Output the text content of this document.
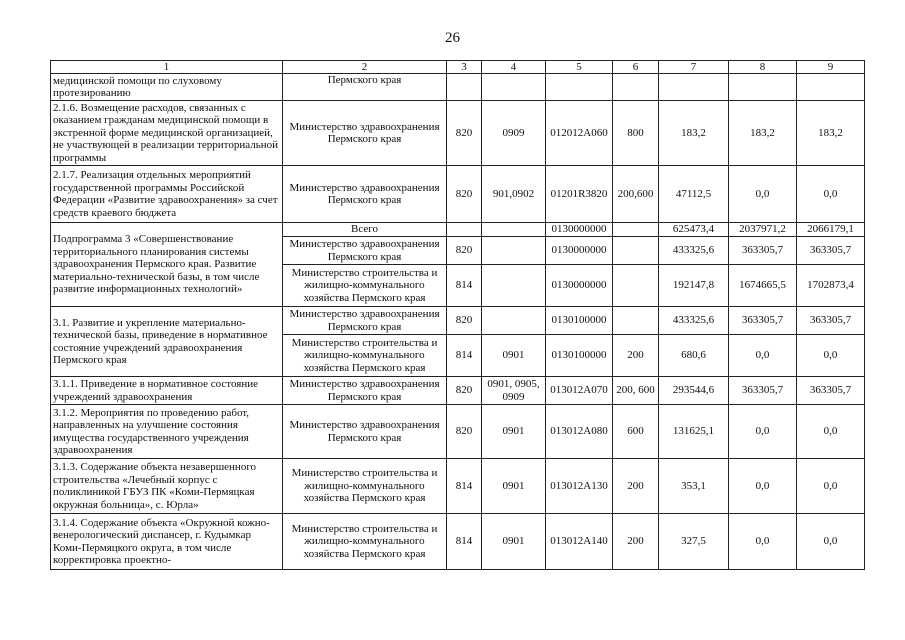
26
1	2	3	4	5	6	7	8	9
медицинской помощи по слуховому протезированию	Пермского края							
2.1.6. Возмещение расходов, связанных с оказанием гражданам медицинской помощи в экстренной форме медицинской организацией, не участвующей в реализации территориальной программы	Министерство здравоохранения Пермского края	820	0909	012012А060	800	183,2	183,2	183,2
2.1.7. Реализация отдельных мероприятий государственной программы Российской Федерации «Развитие здравоохранения» за счет средств краевого бюджета	Министерство здравоохранения Пермского края	820	901,0902	01201R3820	200,600	47112,5	0,0	0,0
Подпрограмма 3 «Совершенствование территориального планирования системы здравоохранения Пермского края. Развитие материально-технической базы, в том числе развитие информационных технологий»	Всего			0130000000		625473,4	2037971,2	2066179,1
	Министерство здравоохранения Пермского края	820		0130000000		433325,6	363305,7	363305,7
	Министерство строительства и жилищно-коммунального хозяйства Пермского края	814		0130000000		192147,8	1674665,5	1702873,4
3.1. Развитие и укрепление материально-технической базы, приведение в нормативное состояние учреждений здравоохранения Пермского края	Министерство здравоохранения Пермского края	820		0130100000		433325,6	363305,7	363305,7
	Министерство строительства и жилищно-коммунального хозяйства Пермского края	814	0901	0130100000	200	680,6	0,0	0,0
3.1.1. Приведение в нормативное состояние учреждений здравоохранения	Министерство здравоохранения Пермского края	820	0901, 0905, 0909	013012А070	200, 600	293544,6	363305,7	363305,7
3.1.2. Мероприятия по проведению работ, направленных на улучшение состояния имущества государственного учреждения здравоохранения	Министерство здравоохранения Пермского края	820	0901	013012А080	600	131625,1	0,0	0,0
3.1.3. Содержание объекта незавершенного строительства «Лечебный корпус с поликлиникой ГБУЗ ПК «Коми-Пермяцкая окружная больница», с. Юрла»	Министерство строительства и жилищно-коммунального хозяйства Пермского края	814	0901	013012А130	200	353,1	0,0	0,0
3.1.4. Содержание объекта «Окружной кожно-венерологический диспансер, г. Кудымкар Коми-Пермяцкого округа, в том числе корректировка проектно-	Министерство строительства и жилищно-коммунального хозяйства Пермского края	814	0901	013012А140	200	327,5	0,0	0,0
